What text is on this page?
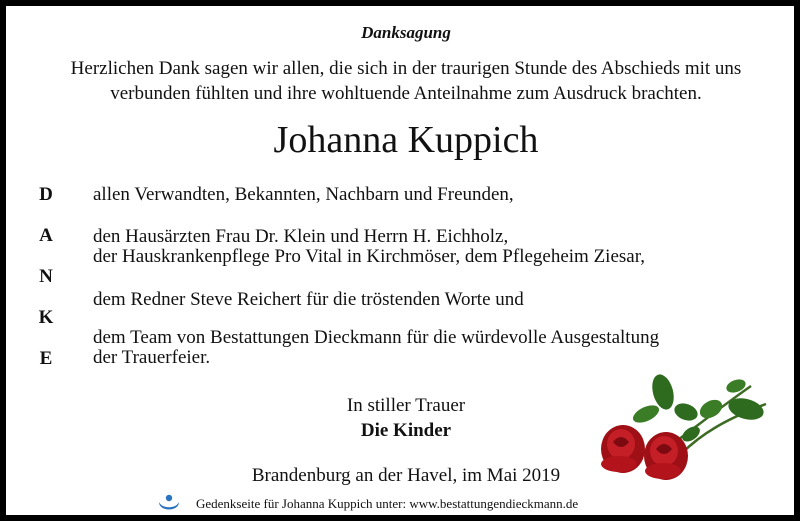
Danksagung
Herzlichen Dank sagen wir allen, die sich in der traurigen Stunde des Abschieds mit uns
verbunden fühlten und ihre wohltuende Anteilnahme zum Ausdruck brachten.
Johanna Kuppich
D
A
N
K
E
allen Verwandten, Bekannten, Nachbarn und Freunden,
den Hausärzten Frau Dr. Klein und Herrn H. Eichholz,
der Hauskrankenpflege Pro Vital in Kirchmöser, dem Pflegeheim Ziesar,
dem Redner Steve Reichert für die tröstenden Worte und
dem Team von Bestattungen Dieckmann für die würdevolle Ausgestaltung
der Trauerfeier.
In stiller Trauer
Die Kinder
Brandenburg an der Havel, im Mai 2019
Gedenkseite für Johanna Kuppich unter: www.bestattungendieckmann.de
